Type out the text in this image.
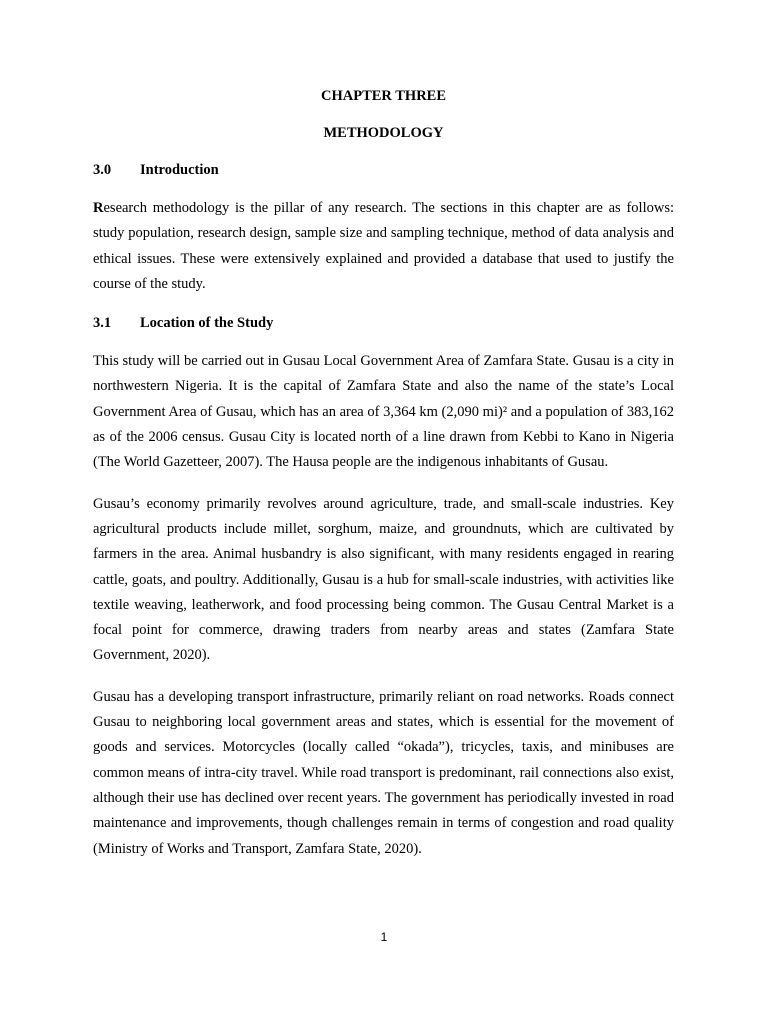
CHAPTER THREE
METHODOLOGY
3.0	Introduction

Research methodology is the pillar of any research. The sections in this chapter are as follows: study population, research design, sample size and sampling technique, method of data analysis and ethical issues. These were extensively explained and provided a database that used to justify the course of the study.

3.1	Location of the Study

This study will be carried out in Gusau Local Government Area of Zamfara State. Gusau is a city in northwestern Nigeria. It is the capital of Zamfara State and also the name of the state’s Local Government Area of Gusau, which has an area of 3,364 km (2,090 mi)² and a population of 383,162 as of the 2006 census. Gusau City is located north of a line drawn from Kebbi to Kano in Nigeria (The World Gazetteer, 2007). The Hausa people are the indigenous inhabitants of Gusau.

Gusau’s economy primarily revolves around agriculture, trade, and small-scale industries. Key agricultural products include millet, sorghum, maize, and groundnuts, which are cultivated by farmers in the area. Animal husbandry is also significant, with many residents engaged in rearing cattle, goats, and poultry. Additionally, Gusau is a hub for small-scale industries, with activities like textile weaving, leatherwork, and food processing being common. The Gusau Central Market is a focal point for commerce, drawing traders from nearby areas and states (Zamfara State Government, 2020).

Gusau has a developing transport infrastructure, primarily reliant on road networks. Roads connect Gusau to neighboring local government areas and states, which is essential for the movement of goods and services. Motorcycles (locally called “okada”), tricycles, taxis, and minibuses are common means of intra-city travel. While road transport is predominant, rail connections also exist, although their use has declined over recent years. The government has periodically invested in road maintenance and improvements, though challenges remain in terms of congestion and road quality (Ministry of Works and Transport, Zamfara State, 2020).

1
